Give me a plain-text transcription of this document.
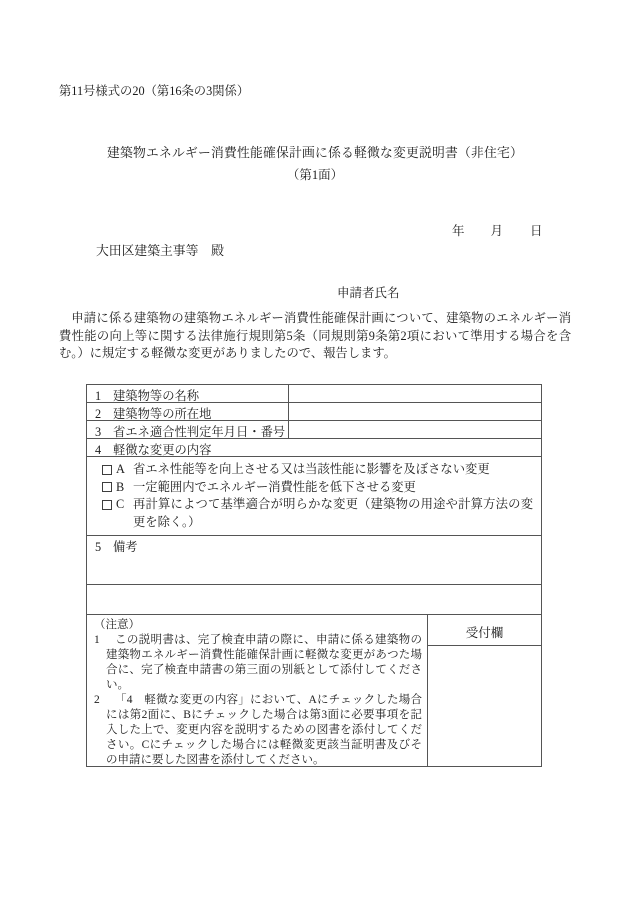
第11号様式の20（第16条の3関係）
建築物エネルギー消費性能確保計画に係る軽微な変更説明書（非住宅）
（第1面）
年 月 日
大田区建築主事等　殿
申請者氏名
申請に係る建築物の建築物エネルギー消費性能確保計画について、建築物のエネルギー消費性能の向上等に関する法律施行規則第5条（同規則第9条第2項において準用する場合を含む。）に規定する軽微な変更がありましたので、報告します。
1 建築物等の名称
2 建築物等の所在地
3 省エネ適合性判定年月日・番号
4 軽微な変更の内容
A 省エネ性能等を向上させる又は当該性能に影響を及ぼさない変更
B 一定範囲内でエネルギー消費性能を低下させる変更
C 再計算によつて基準適合が明らかな変更（建築物の用途や計算方法の変更を除く。）
5 備考
（注意）
1 この説明書は、完了検査申請の際に、申請に係る建築物の建築物エネルギー消費性能確保計画に軽微な変更があつた場合に、完了検査申請書の第三面の別紙として添付してください。
2 「4　軽微な変更の内容」において、Aにチェックした場合には第2面に、Bにチェックした場合は第3面に必要事項を記入した上で、変更内容を説明するための図書を添付してください。Cにチェックした場合には軽微変更該当証明書及びその申請に要した図書を添付してください。
受付欄
